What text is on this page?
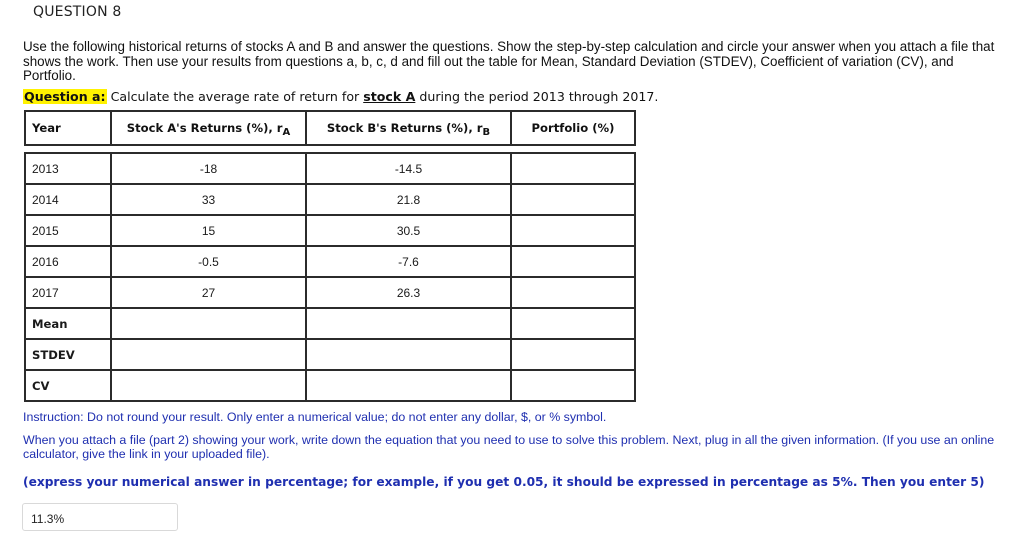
QUESTION 8
Use the following historical returns of stocks A and B and answer the questions. Show the step-by-step calculation and circle your answer when you attach a file that shows the work. Then use your results from questions a, b, c, d and fill out the table for Mean, Standard Deviation (STDEV), Coefficient of variation (CV), and Portfolio.
Question a: Calculate the average rate of return for stock A during the period 2013 through 2017.
Year	Stock A's Returns (%), rA	Stock B's Returns (%), rB	Portfolio (%)

2013	-18	-14.5	
2014	33	21.8	
2015	15	30.5	
2016	-0.5	-7.6	
2017	27	26.3	
Mean			
STDEV			
CV			
Instruction: Do not round your result. Only enter a numerical value; do not enter any dollar, $, or % symbol.
When you attach a file (part 2) showing your work, write down the equation that you need to use to solve this problem. Next, plug in all the given information. (If you use an online calculator, give the link in your uploaded file).
(express your numerical answer in percentage; for example, if you get 0.05, it should be expressed in percentage as 5%. Then you enter 5)
11.3%
